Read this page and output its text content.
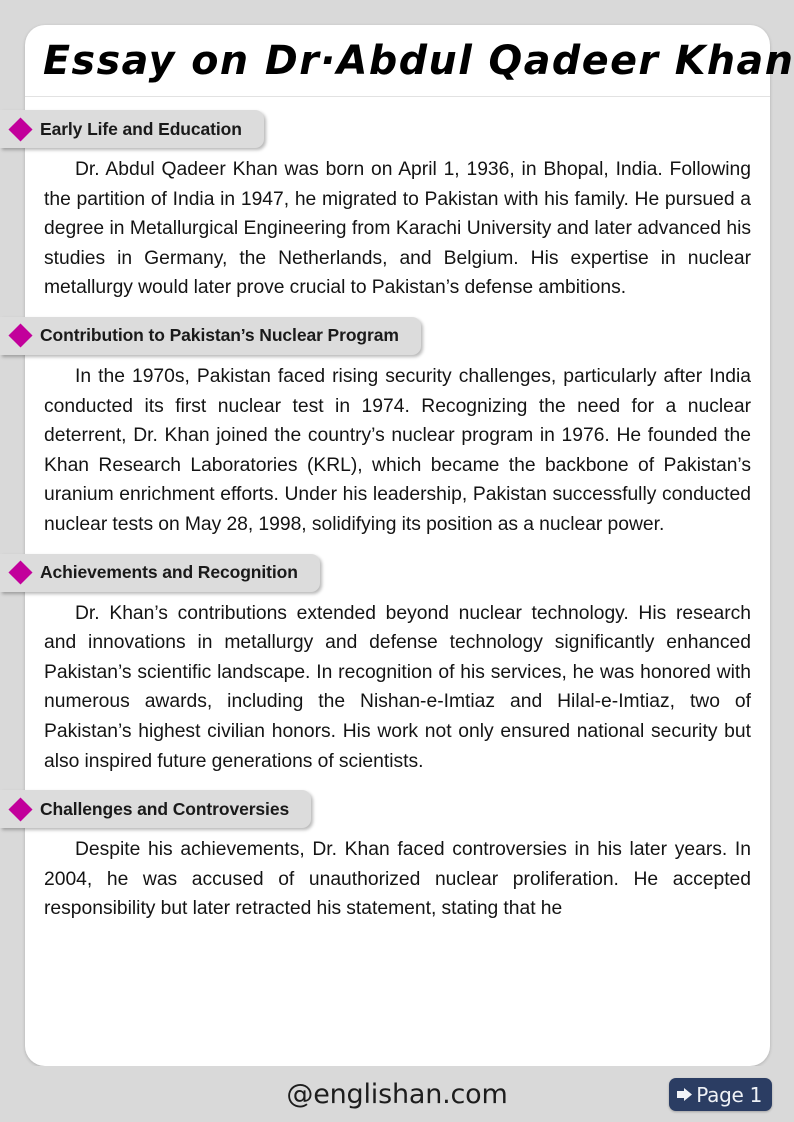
Essay on Dr·Abdul Qadeer Khan
Early Life and Education

Dr. Abdul Qadeer Khan was born on April 1, 1936, in Bhopal, India. Following the partition of India in 1947, he migrated to Pakistan with his family. He pursued a degree in Metallurgical Engineering from Karachi University and later advanced his studies in Germany, the Netherlands, and Belgium. His expertise in nuclear metallurgy would later prove crucial to Pakistan’s defense ambitions.

Contribution to Pakistan’s Nuclear Program

In the 1970s, Pakistan faced rising security challenges, particularly after India conducted its first nuclear test in 1974. Recognizing the need for a nuclear deterrent, Dr. Khan joined the country’s nuclear program in 1976. He founded the Khan Research Laboratories (KRL), which became the backbone of Pakistan’s uranium enrichment efforts. Under his leadership, Pakistan successfully conducted nuclear tests on May 28, 1998, solidifying its position as a nuclear power.

Achievements and Recognition

Dr. Khan’s contributions extended beyond nuclear technology. His research and innovations in metallurgy and defense technology significantly enhanced Pakistan’s scientific landscape. In recognition of his services, he was honored with numerous awards, including the Nishan-e-Imtiaz and Hilal-e-Imtiaz, two of Pakistan’s highest civilian honors. His work not only ensured national security but also inspired future generations of scientists.

Challenges and Controversies

Despite his achievements, Dr. Khan faced controversies in his later years. In 2004, he was accused of unauthorized nuclear proliferation. He accepted responsibility but later retracted his statement, stating that he

@englishan.com	Page 1
